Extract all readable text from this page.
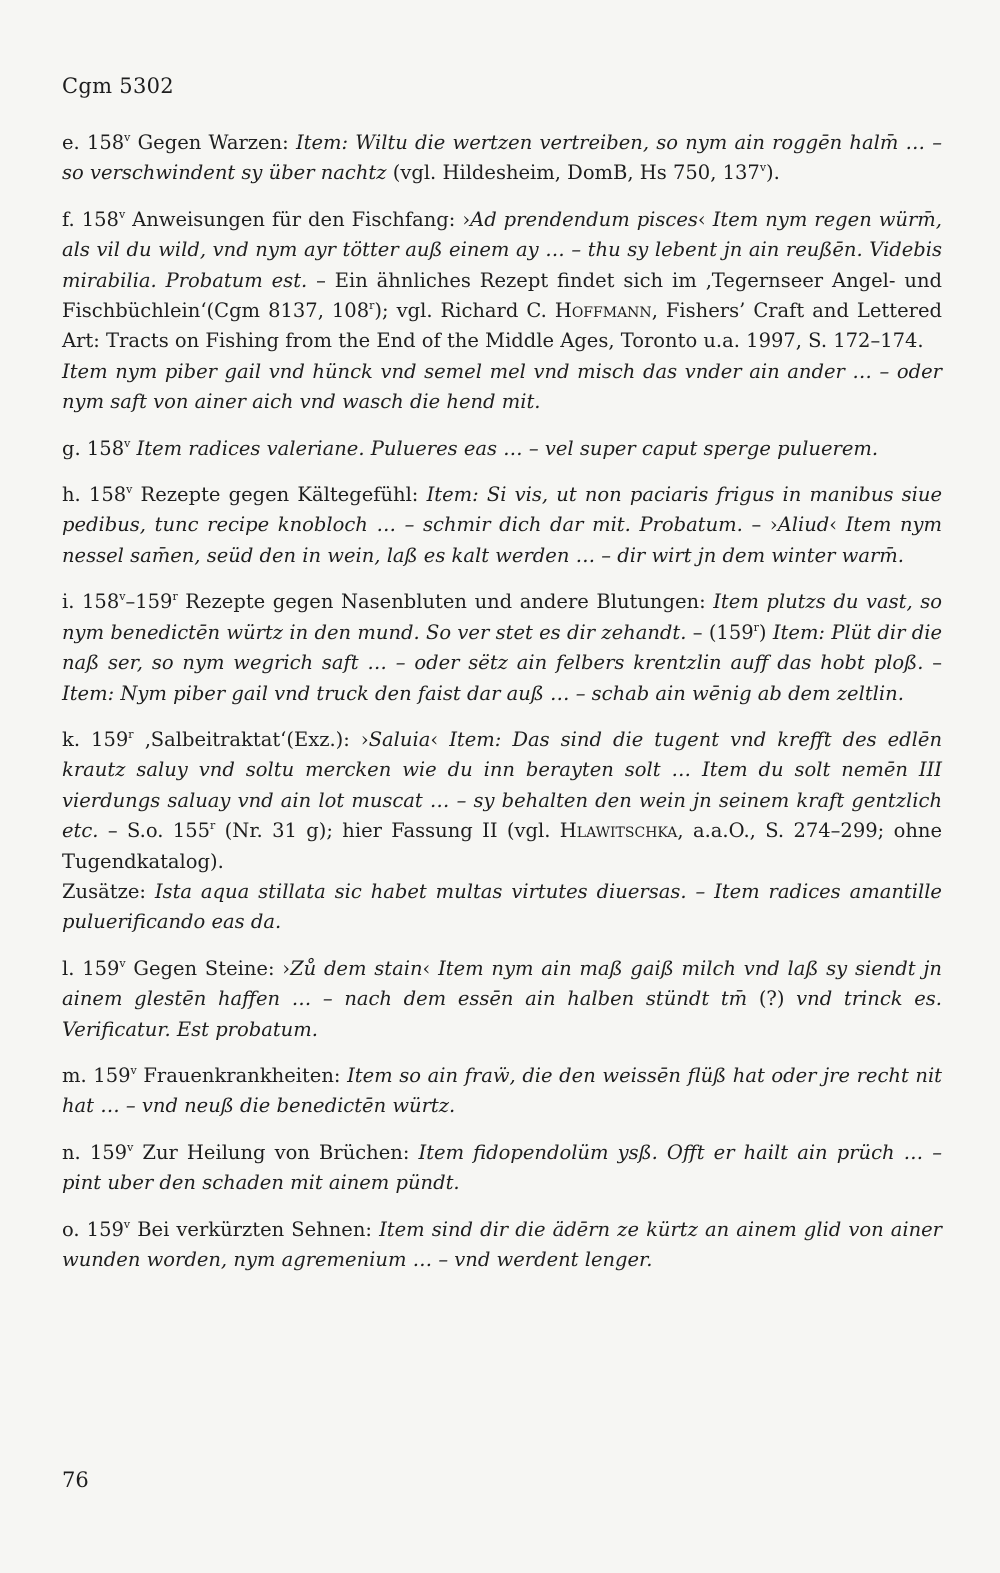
Cgm 5302

e. 158$^v$ Gegen Warzen: Item: Wiltu die wertzen vertreiben, so nym ain roggēn halm̄ … – so verschwindent sy über nachtz (vgl. Hildesheim, DomB, Hs 750, 137$^v$).

f. 158$^v$ Anweisungen für den Fischfang: ›Ad prendendum pisces‹ Item nym regen würm̄, als vil du wild, vnd nym ayr tötter auß einem ay … – thu sy lebent jn ain reußēn. Videbis mirabilia. Probatum est. – Ein ähnliches Rezept findet sich im ‚Tegernseer Angel- und Fischbüchlein‘(Cgm 8137, 108$^r$); vgl. Richard C. Hoffmann, Fishers’ Craft and Lettered Art: Tracts on Fishing from the End of the Middle Ages, Toronto u.a. 1997, S. 172–174.

Item nym piber gail vnd hünck vnd semel mel vnd misch das vnder ain ander … – oder nym saft von ainer aich vnd wasch die hend mit.

g. 158$^v$ Item radices valeriane. Pulueres eas … – vel super caput sperge puluerem.

h. 158$^v$ Rezepte gegen Kältegefühl: Item: Si vis, ut non paciaris frigus in manibus siue pedibus, tunc recipe knobloch … – schmir dich dar mit. Probatum. – ›Aliud‹ Item nym nessel sam̄en, seüd den in wein, laß es kalt werden … – dir wirt jn dem winter warm̄.

i. 158$^v$–159$^r$ Rezepte gegen Nasenbluten und andere Blutungen: Item plutzs du vast, so nym benedictēn würtz in den mund. So ver stet es dir zehandt. – (159$^r$) Item: Plüt dir die naß ser, so nym wegrich saft … – oder sëtz ain felbers krentzlin auff das hobt ploß. – Item: Nym piber gail vnd truck den faist dar auß … – schab ain wēnig ab dem zeltlin.

k. 159$^r$ ‚Salbeitraktat‘(Exz.): ›Saluia‹ Item: Das sind die tugent vnd krefft des edlēn krautz saluy vnd soltu mercken wie du inn berayten solt … Item du solt nemēn III vierdungs saluay vnd ain lot muscat … – sy behalten den wein jn seinem kraft gentzlich etc. – S.o. 155$^r$ (Nr. 31 g); hier Fassung II (vgl. Hlawitschka, a.a.O., S. 274–299; ohne Tugendkatalog).

Zusätze: Ista aqua stillata sic habet multas virtutes diuersas. – Item radices amantille puluerificando eas da.

l. 159$^v$ Gegen Steine: ›Zů dem stain‹ Item nym ain maß gaiß milch vnd laß sy siendt jn ainem glestēn haffen … – nach dem essēn ain halben stündt tm̄ (?) vnd trinck es. Verificatur. Est probatum.

m. 159$^v$ Frauenkrankheiten: Item so ain fraẅ, die den weissēn flüß hat oder jre recht nit hat … – vnd neuß die benedictēn würtz.

n. 159$^v$ Zur Heilung von Brüchen: Item fidopendolüm ysß. Offt er hailt ain prüch … – pint uber den schaden mit ainem pündt.

o. 159$^v$ Bei verkürzten Sehnen: Item sind dir die ädērn ze kürtz an ainem glid von ainer wunden worden, nym agremenium … – vnd werdent lenger.

76
